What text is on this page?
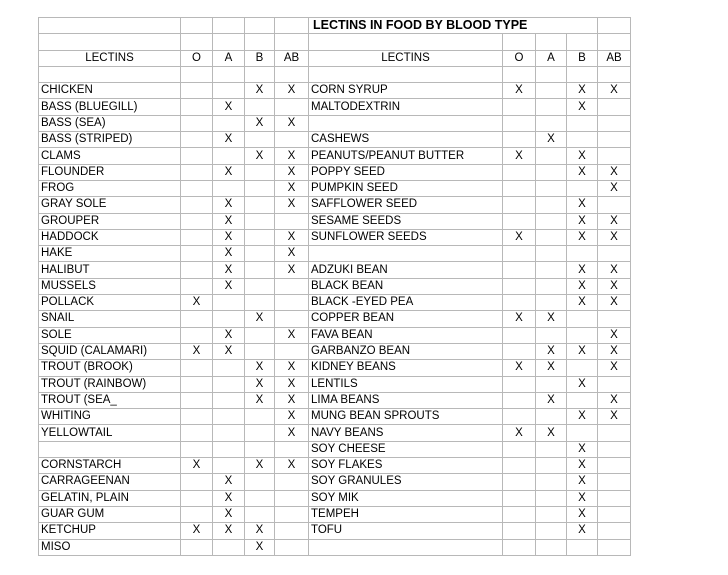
					LECTINS IN FOOD BY BLOOD TYPE				

LECTINS	O	A	B	AB	LECTINS	O	A	B	AB

CHICKEN			X	X	CORN SYRUP	X		X	X
BASS (BLUEGILL)		X			MALTODEXTRIN			X	
BASS (SEA)			X	X					
BASS (STRIPED)		X			CASHEWS		X		
CLAMS			X	X	PEANUTS/PEANUT BUTTER	X		X	
FLOUNDER		X		X	POPPY SEED			X	X
FROG				X	PUMPKIN SEED				X
GRAY SOLE		X		X	SAFFLOWER SEED			X	
GROUPER		X			SESAME SEEDS			X	X
HADDOCK		X		X	SUNFLOWER SEEDS	X		X	X
HAKE		X		X					
HALIBUT		X		X	ADZUKI BEAN			X	X
MUSSELS		X			BLACK BEAN			X	X
POLLACK	X				BLACK -EYED PEA			X	X
SNAIL			X		COPPER BEAN	X	X		
SOLE		X		X	FAVA BEAN				X
SQUID (CALAMARI)	X	X			GARBANZO BEAN		X	X	X
TROUT (BROOK)			X	X	KIDNEY BEANS	X	X		X
TROUT (RAINBOW)			X	X	LENTILS			X	
TROUT (SEA_			X	X	LIMA BEANS		X		X
WHITING				X	MUNG BEAN SPROUTS			X	X
YELLOWTAIL				X	NAVY BEANS	X	X		
					SOY CHEESE			X	
CORNSTARCH	X		X	X	SOY FLAKES			X	
CARRAGEENAN		X			SOY GRANULES			X	
GELATIN, PLAIN		X			SOY MIK			X	
GUAR GUM		X			TEMPEH			X	
KETCHUP	X	X	X		TOFU			X	
MISO			X						
